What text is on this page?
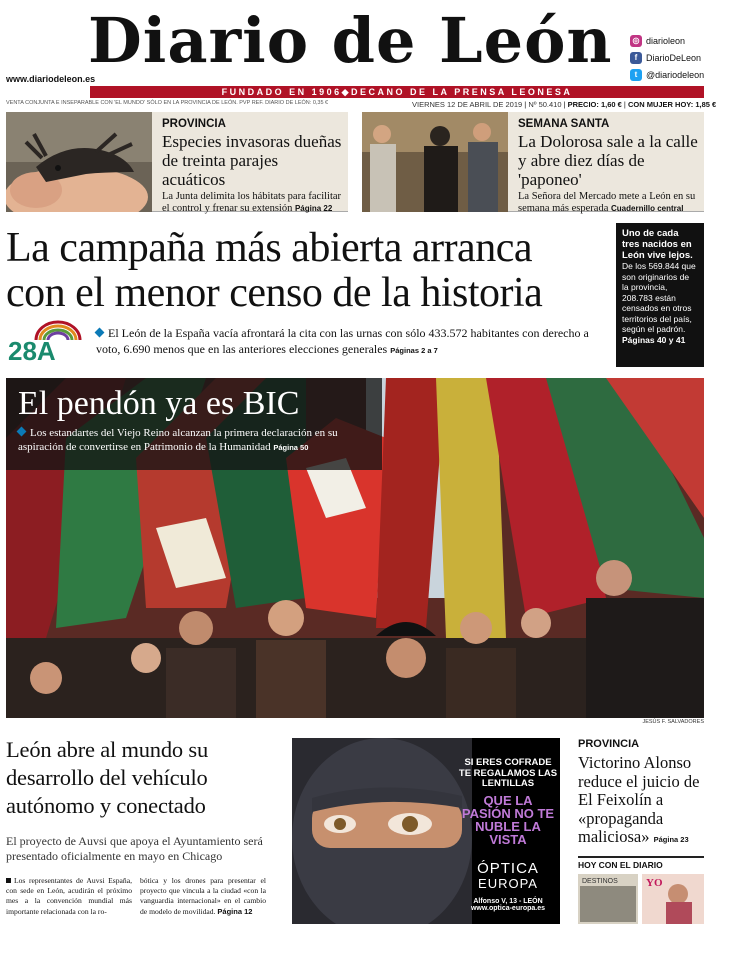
Diario de León	◎ diarioleon
f DiarioDeLeon
t @diariodeleon
www.diariodeleon.es
FUNDADO EN 1906◆DECANO DE LA PRENSA LEONESA
VENTA CONJUNTA E INSEPARABLE CON 'EL MUNDO' SÓLO EN LA PROVINCIA DE LEÓN. PVP REF. DIARIO DE LEÓN: 0,35 €	VIERNES 12 DE ABRIL DE 2019 | Nº 50.410 | PRECIO: 1,60 € | CON MUJER HOY: 1,85 €
PROVINCIA
Especies invasoras dueñas de treinta parajes acuáticos
La Junta delimita los hábitats para facilitar el control y frenar su extensión Página 22
SEMANA SANTA
La Dolorosa sale a la calle y abre diez días de 'paponeo'
La Señora del Mercado mete a León en su semana más esperada Cuadernillo central
La campaña más abierta arranca
con el menor censo de la historia
28A
El León de la España vacía afrontará la cita con las urnas con sólo 433.572 habitantes con derecho a voto, 6.690 menos que en las anteriores elecciones generales Páginas 2 a 7
Uno de cada tres nacidos en León vive lejos. De los 569.844 que son originarios de la provincia, 208.783 están censados en otros territorios del país, según el padrón. Páginas 40 y 41
El pendón ya es BIC
Los estandartes del Viejo Reino alcanzan la primera declaración en su aspiración de convertirse en Patrimonio de la Humanidad Página 50
JESÚS F. SALVADORES
León abre al mundo su desarrollo del vehículo autónomo y conectado
El proyecto de Auvsi que apoya el Ayuntamiento será presentado oficialmente en mayo en Chicago
Los representantes de Auvsi España, con sede en León, acudirán el próximo mes a la convención mundial más importante relacionada con la ro-
bótica y los drones para presentar el proyecto que vincula a la ciudad «con la vanguardia internacional» en el cambio de modelo de movilidad. Página 12
SI ERES COFRADE TE REGALAMOS LAS LENTILLAS
QUE LA PASIÓN NO TE NUBLE LA VISTA
ÓPTICA
EUROPA
Alfonso V, 13 - LEÓN
www.optica-europa.es
PROVINCIA
Victorino Alonso reduce el juicio de El Feixolín a «propaganda maliciosa» Página 23
HOY CON EL DIARIO
DESTINOS	YO
